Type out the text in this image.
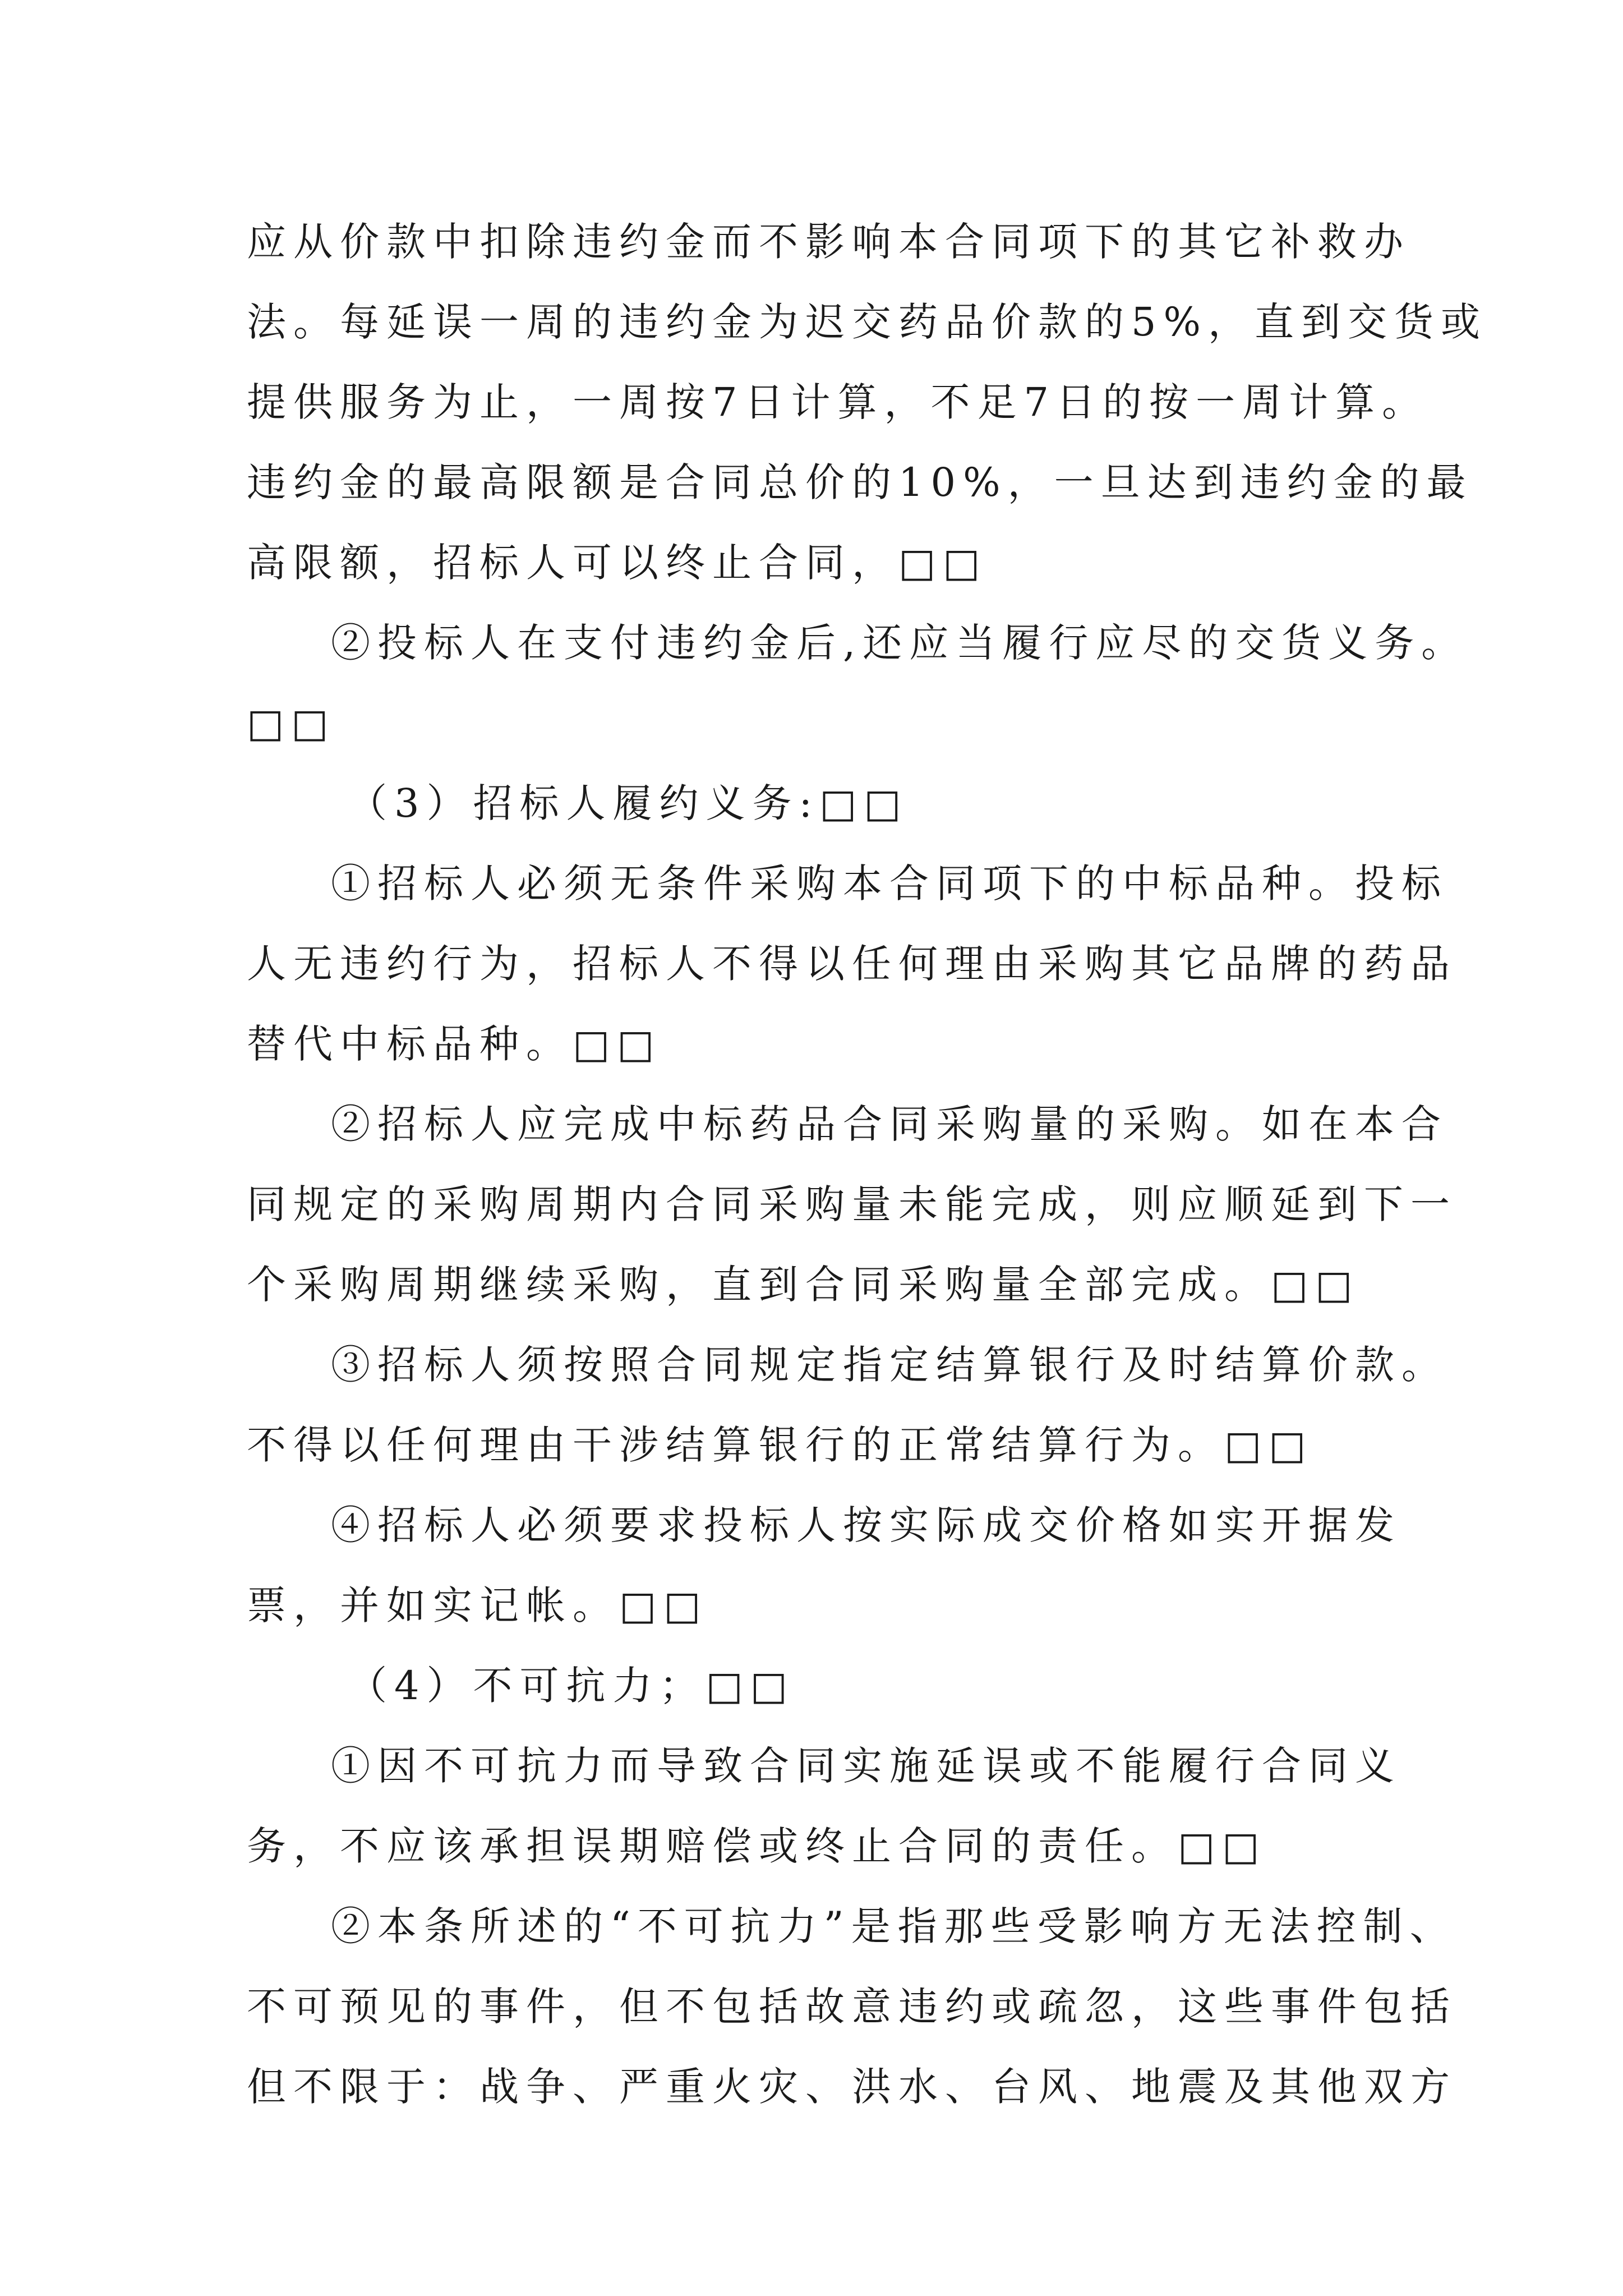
应从价款中扣除违约金而不影响本合同项下的其它补救办
法。每延误一周的违约金为迟交药品价款的5%，直到交货或
提供服务为止，一周按7日计算，不足7日的按一周计算。
违约金的最高限额是合同总价的10%，一旦达到违约金的最
高限额，招标人可以终止合同，□□
②投标人在支付违约金后,还应当履行应尽的交货义务。
□□
（3）招标人履约义务:□□
①招标人必须无条件采购本合同项下的中标品种。投标
人无违约行为，招标人不得以任何理由采购其它品牌的药品
替代中标品种。□□
②招标人应完成中标药品合同采购量的采购。如在本合
同规定的采购周期内合同采购量未能完成，则应顺延到下一
个采购周期继续采购，直到合同采购量全部完成。□□
③招标人须按照合同规定指定结算银行及时结算价款。
不得以任何理由干涉结算银行的正常结算行为。□□
④招标人必须要求投标人按实际成交价格如实开据发
票，并如实记帐。□□
（4）不可抗力；□□
①因不可抗力而导致合同实施延误或不能履行合同义
务，不应该承担误期赔偿或终止合同的责任。□□
②本条所述的“不可抗力”是指那些受影响方无法控制、
不可预见的事件，但不包括故意违约或疏忽，这些事件包括
但不限于：战争、严重火灾、洪水、台风、地震及其他双方
